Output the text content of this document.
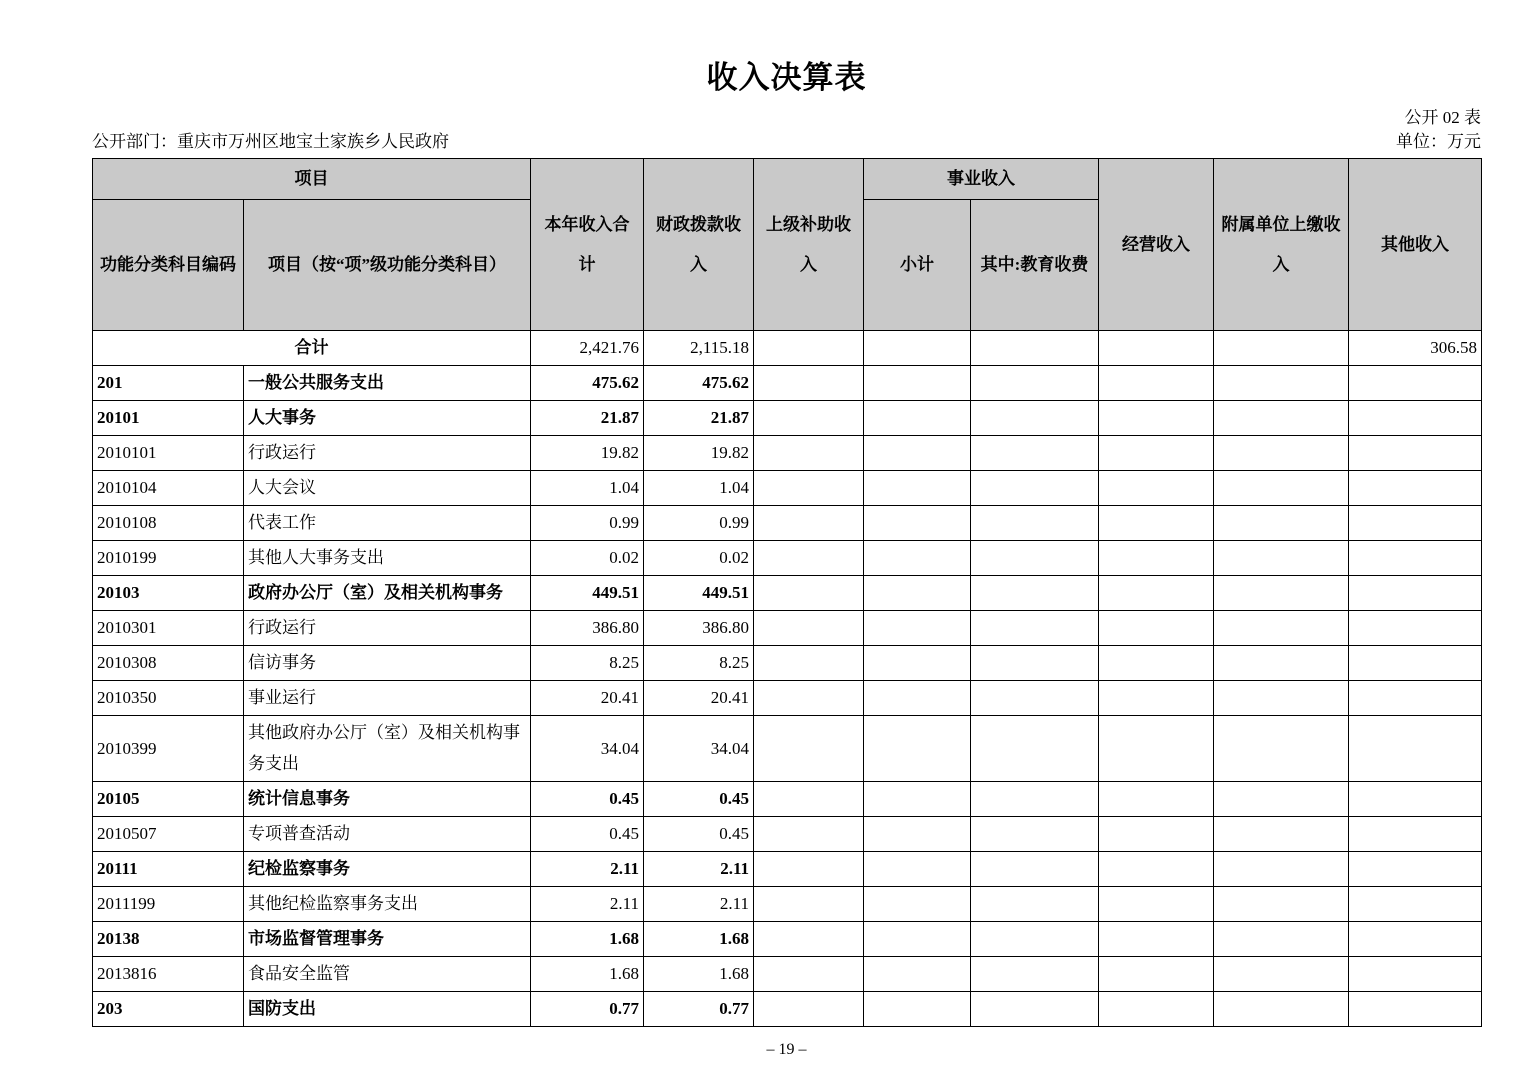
收入决算表
公开 02 表
公开部门：重庆市万州区地宝土家族乡人民政府	单位：万元
项目		本年收入合计	财政拨款收入	上级补助收入	事业收入		经营收入	附属单位上缴收入	其他收入
功能分类科目编码	项目（按“项”级功能分类科目）				小计	其中:教育收费			
合计		2,421.76	2,115.18						306.58
201	一般公共服务支出	475.62	475.62						
20101	人大事务	21.87	21.87						
2010101	行政运行	19.82	19.82						
2010104	人大会议	1.04	1.04						
2010108	代表工作	0.99	0.99						
2010199	其他人大事务支出	0.02	0.02						
20103	政府办公厅（室）及相关机构事务	449.51	449.51						
2010301	行政运行	386.80	386.80						
2010308	信访事务	8.25	8.25						
2010350	事业运行	20.41	20.41						
2010399	其他政府办公厅（室）及相关机构事务支出	34.04	34.04						
20105	统计信息事务	0.45	0.45						
2010507	专项普查活动	0.45	0.45						
20111	纪检监察事务	2.11	2.11						
2011199	其他纪检监察事务支出	2.11	2.11						
20138	市场监督管理事务	1.68	1.68						
2013816	食品安全监管	1.68	1.68						
203	国防支出	0.77	0.77						
– 19 –
